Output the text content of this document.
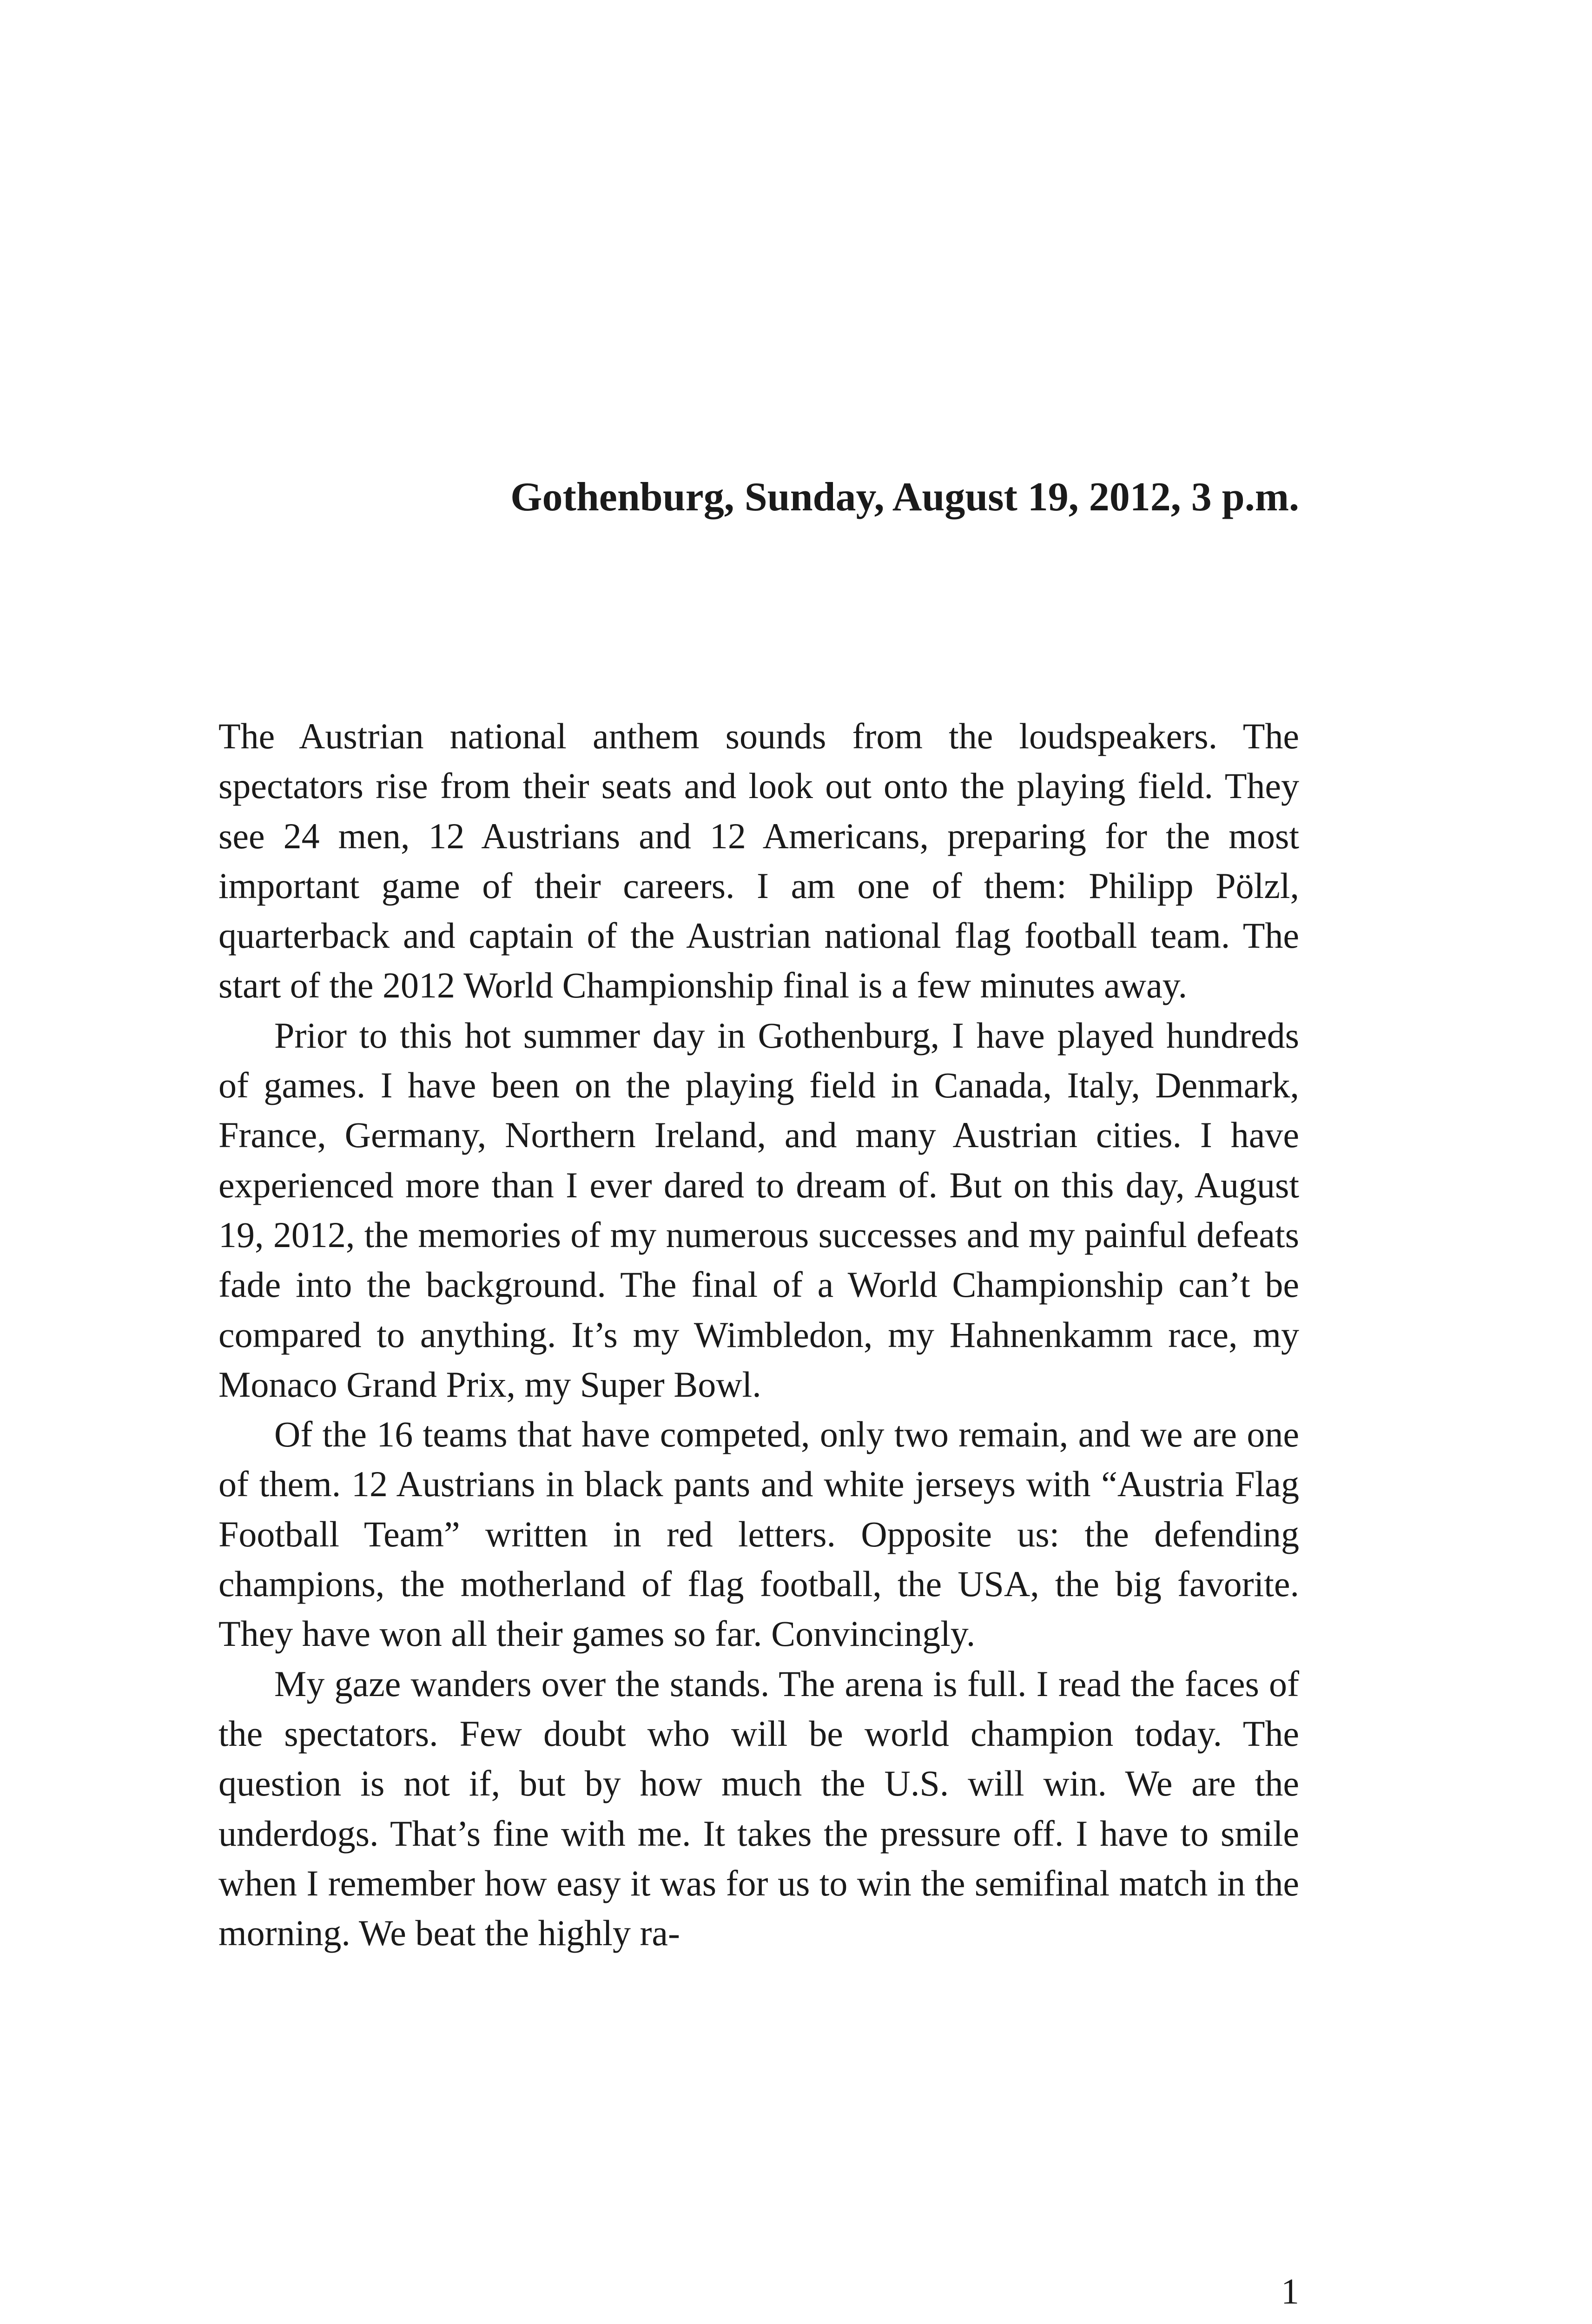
Gothenburg, Sunday, August 19, 2012, 3 p.m.

The Austrian national anthem sounds from the loudspeakers. The spectators rise from their seats and look out onto the playing field. They see 24 men, 12 Austrians and 12 Americans, preparing for the most important game of their careers. I am one of them: Philipp Pölzl, quarterback and captain of the Austrian national flag football team. The start of the 2012 World Championship final is a few minutes away.

Prior to this hot summer day in Gothenburg, I have played hundreds of games. I have been on the playing field in Canada, Italy, Denmark, France, Germany, Northern Ireland, and many Austrian cities. I have experienced more than I ever dared to dream of. But on this day, August 19, 2012, the memories of my numerous successes and my painful defeats fade into the background. The final of a World Championship can’t be compared to anything. It’s my Wimbledon, my Hahnenkamm race, my Monaco Grand Prix, my Super Bowl.

Of the 16 teams that have competed, only two remain, and we are one of them. 12 Austrians in black pants and white jerseys with “Austria Flag Football Team” written in red letters. Opposite us: the defending champions, the motherland of flag football, the USA, the big favorite. They have won all their games so far. Convincingly.

My gaze wanders over the stands. The arena is full. I read the faces of the spectators. Few doubt who will be world champion today. The question is not if, but by how much the U.S. will win. We are the underdogs. That’s fine with me. It takes the pressure off. I have to smile when I remember how easy it was for us to win the semifinal match in the morning. We beat the highly ra-

1
